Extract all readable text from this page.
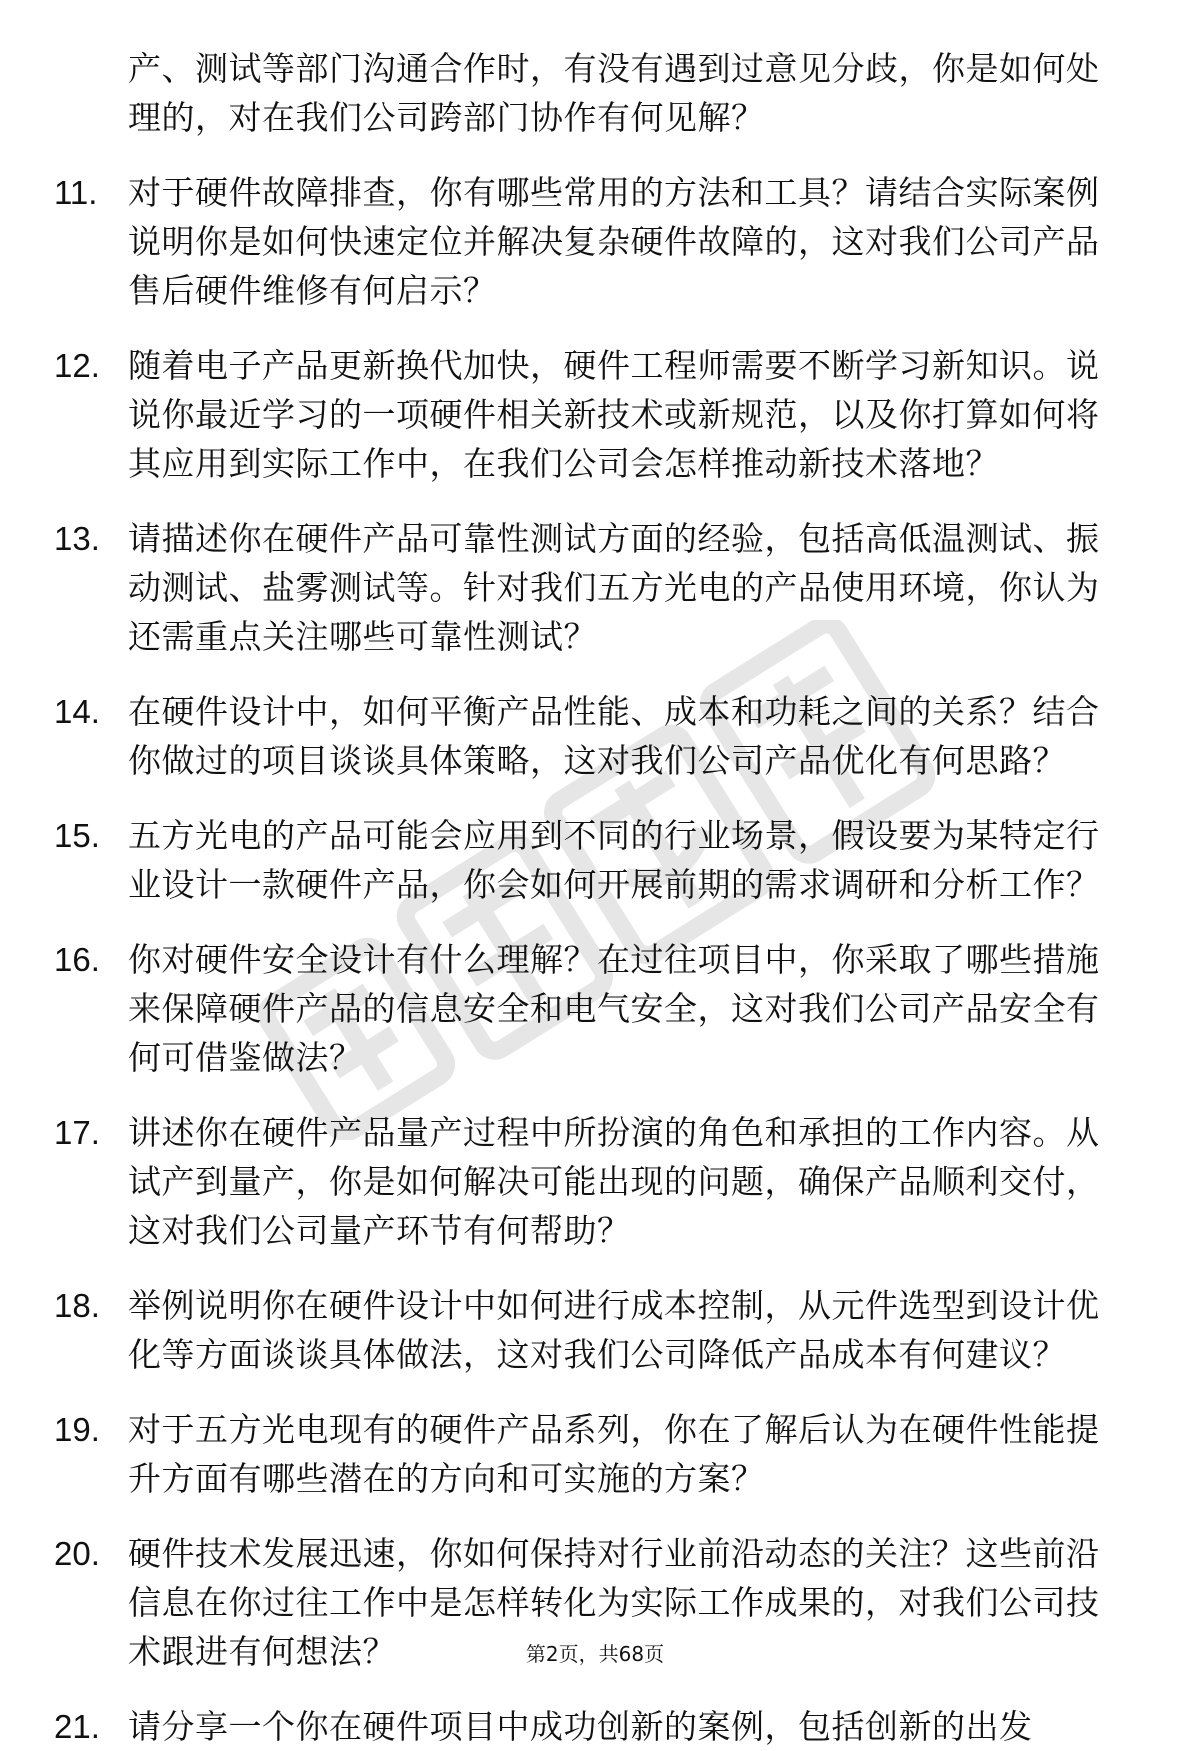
产、测试等部门沟通合作时，有没有遇到过意见分歧，你是如何处理的，对在我们公司跨部门协作有何见解？
11. 对于硬件故障排查，你有哪些常用的方法和工具？请结合实际案例说明你是如何快速定位并解决复杂硬件故障的，这对我们公司产品售后硬件维修有何启示？
12. 随着电子产品更新换代加快，硬件工程师需要不断学习新知识。说说你最近学习的一项硬件相关新技术或新规范，以及你打算如何将其应用到实际工作中，在我们公司会怎样推动新技术落地？
13. 请描述你在硬件产品可靠性测试方面的经验，包括高低温测试、振动测试、盐雾测试等。针对我们五方光电的产品使用环境，你认为还需重点关注哪些可靠性测试？
14. 在硬件设计中，如何平衡产品性能、成本和功耗之间的关系？结合你做过的项目谈谈具体策略，这对我们公司产品优化有何思路？
15. 五方光电的产品可能会应用到不同的行业场景，假设要为某特定行业设计一款硬件产品，你会如何开展前期的需求调研和分析工作？
16. 你对硬件安全设计有什么理解？在过往项目中，你采取了哪些措施来保障硬件产品的信息安全和电气安全，这对我们公司产品安全有何可借鉴做法？
17. 讲述你在硬件产品量产过程中所扮演的角色和承担的工作内容。从试产到量产，你是如何解决可能出现的问题，确保产品顺利交付，这对我们公司量产环节有何帮助？
18. 举例说明你在硬件设计中如何进行成本控制，从元件选型到设计优化等方面谈谈具体做法，这对我们公司降低产品成本有何建议？
19. 对于五方光电现有的硬件产品系列，你在了解后认为在硬件性能提升方面有哪些潜在的方向和可实施的方案？
20. 硬件技术发展迅速，你如何保持对行业前沿动态的关注？这些前沿信息在你过往工作中是怎样转化为实际工作成果的，对我们公司技术跟进有何想法？
21. 请分享一个你在硬件项目中成功创新的案例，包括创新的出发
第2页，共68页
